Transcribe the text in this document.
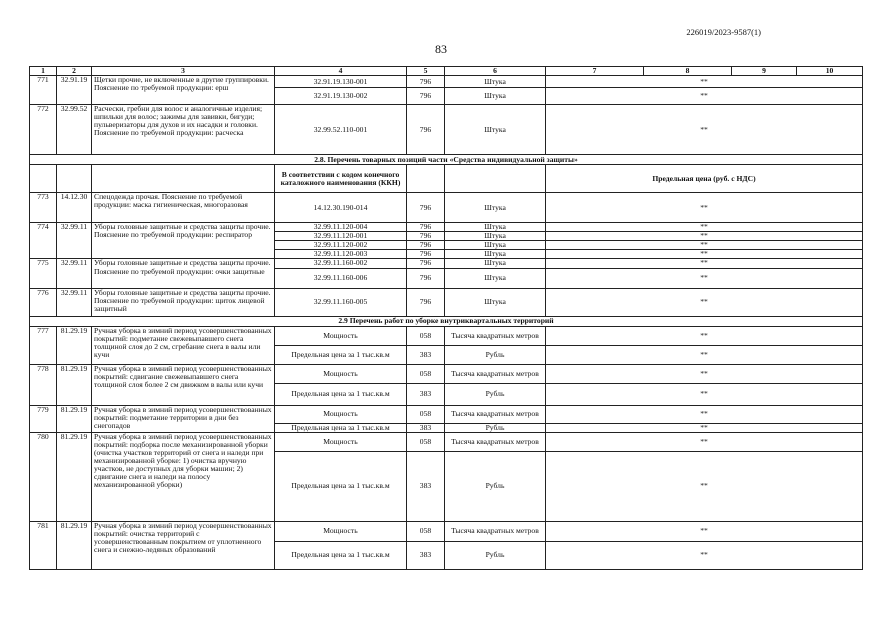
226019/2023-9587(1)
83
1	2	3	4	5	6	7	8	9	10
771	32.91.19	Щетки прочие, не включенные в другие группировки. Пояснение по требуемой продукции: ерш	32.91.19.130-001	796	Штука	**			
			32.91.19.130-002	796	Штука	**			
772	32.99.52	Расчески, гребни для волос и аналогичные изделия; шпильки для волос; зажимы для завивки, бигуди; пульверизаторы для духов и их насадки и головки. Пояснение по требуемой продукции: расческа	32.99.52.110-001	796	Штука	**			
2.8. Перечень товарных позиций части «Средства индивидуальной защиты»									
			В соответствии с кодом конечного каталожного наименования (ККН)			Предельная цена (руб. с НДС)			
773	14.12.30	Спецодежда прочая. Пояснение по требуемой продукции: маска гигиеническая, многоразовая	14.12.30.190-014	796	Штука	**			
774	32.99.11	Уборы головные защитные и средства защиты прочие. Пояснение по требуемой продукции: респиратор	32.99.11.120-004	796	Штука	**			
			32.99.11.120-001	796	Штука	**			
			32.99.11.120-002	796	Штука	**			
			32.99.11.120-003	796	Штука	**			
775	32.99.11	Уборы головные защитные и средства защиты прочие. Пояснение по требуемой продукции: очки защитные	32.99.11.160-002	796	Штука	**			
			32.99.11.160-006	796	Штука	**			
776	32.99.11	Уборы головные защитные и средства защиты прочие. Пояснение по требуемой продукции: щиток лицевой защитный	32.99.11.160-005	796	Штука	**			
2.9 Перечень работ по уборке внутриквартальных территорий									
777	81.29.19	Ручная уборка в зимний период усовершенствованных покрытий: подметание свежевыпавшего снега толщиной слоя до 2 см, сгребание снега в валы или кучи	Мощность	058	Тысяча квадратных метров	**			
			Предельная цена за 1 тыс.кв.м	383	Рубль	**			
778	81.29.19	Ручная уборка в зимний период усовершенствованных покрытий: сдвигание свежевыпавшего снега толщиной слоя более 2 см движком в валы или кучи	Мощность	058	Тысяча квадратных метров	**			
			Предельная цена за 1 тыс.кв.м	383	Рубль	**			
779	81.29.19	Ручная уборка в зимний период усовершенствованных покрытий: подметание территории в дни без снегопадов	Мощность	058	Тысяча квадратных метров	**			
			Предельная цена за 1 тыс.кв.м	383	Рубль	**			
780	81.29.19	Ручная уборка в зимний период усовершенствованных покрытий: подборка после механизированной уборки (очистка участков территорий от снега и наледи при механизированной уборке: 1) очистка вручную участков, не доступных для уборки машин; 2) сдвигание снега и наледи на полосу механизированной уборки)	Мощность	058	Тысяча квадратных метров	**			
			Предельная цена за 1 тыс.кв.м	383	Рубль	**			
781	81.29.19	Ручная уборка в зимний период усовершенствованных покрытий: очистка территорий с усовершенствованным покрытием от уплотненного снега и снежно-ледяных образований	Мощность	058	Тысяча квадратных метров	**			
			Предельная цена за 1 тыс.кв.м	383	Рубль	**			
